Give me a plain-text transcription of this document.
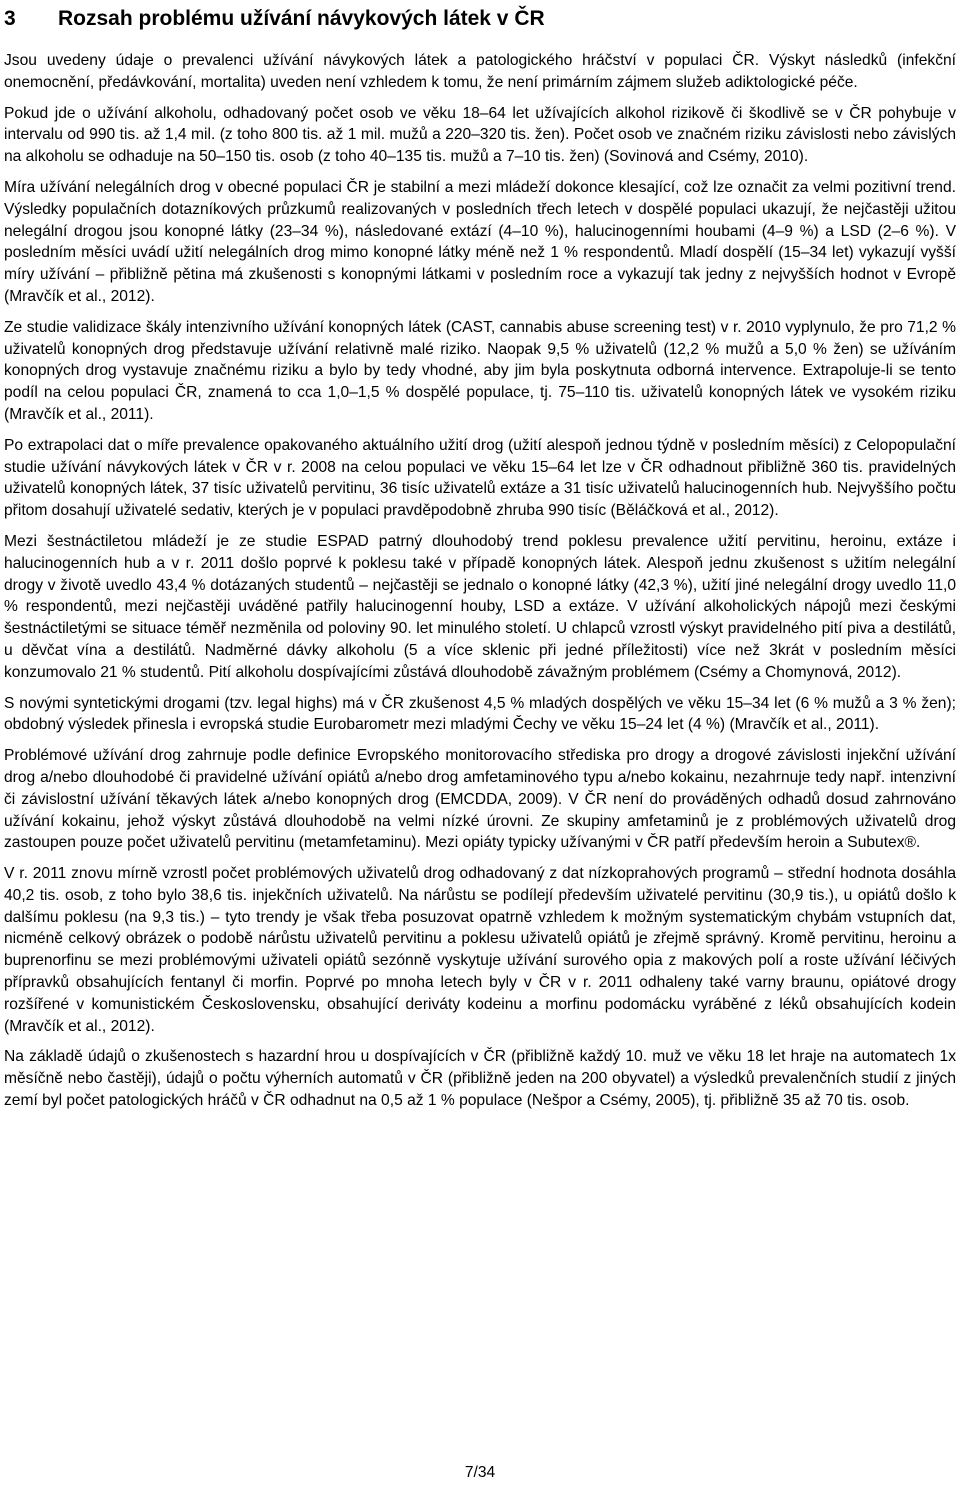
3	Rozsah problému užívání návykových látek v ČR

Jsou uvedeny údaje o prevalenci užívání návykových látek a patologického hráčství v populaci ČR. Výskyt následků (infekční onemocnění, předávkování, mortalita) uveden není vzhledem k tomu, že není primárním zájmem služeb adiktologické péče.

Pokud jde o užívání alkoholu, odhadovaný počet osob ve věku 18–64 let užívajících alkohol rizikově či škodlivě se v ČR pohybuje v intervalu od 990 tis. až 1,4 mil. (z toho 800 tis. až 1 mil. mužů a 220–320 tis. žen). Počet osob ve značném riziku závislosti nebo závislých na alkoholu se odhaduje na 50–150 tis. osob (z toho 40–135 tis. mužů a 7–10 tis. žen) (Sovinová and Csémy, 2010).

Míra užívání nelegálních drog v obecné populaci ČR je stabilní a mezi mládeží dokonce klesající, což lze označit za velmi pozitivní trend. Výsledky populačních dotazníkových průzkumů realizovaných v posledních třech letech v dospělé populaci ukazují, že nejčastěji užitou nelegální drogou jsou konopné látky (23–34 %), následované extází (4–10 %), halucinogenními houbami (4–9 %) a LSD (2–6 %). V posledním měsíci uvádí užití nelegálních drog mimo konopné látky méně než 1 % respondentů. Mladí dospělí (15–34 let) vykazují vyšší míry užívání – přibližně pětina má zkušenosti s konopnými látkami v posledním roce a vykazují tak jedny z nejvyšších hodnot v Evropě (Mravčík et al., 2012).

Ze studie validizace škály intenzivního užívání konopných látek (CAST, cannabis abuse screening test) v r. 2010 vyplynulo, že pro 71,2 % uživatelů konopných drog představuje užívání relativně malé riziko. Naopak 9,5 % uživatelů (12,2 % mužů a 5,0 % žen) se užíváním konopných drog vystavuje značnému riziku a bylo by tedy vhodné, aby jim byla poskytnuta odborná intervence. Extrapoluje-li se tento podíl na celou populaci ČR, znamená to cca 1,0–1,5 % dospělé populace, tj. 75–110 tis. uživatelů konopných látek ve vysokém riziku (Mravčík et al., 2011).

Po extrapolaci dat o míře prevalence opakovaného aktuálního užití drog (užití alespoň jednou týdně v posledním měsíci) z Celopopulační studie užívání návykových látek v ČR v r. 2008 na celou populaci ve věku 15–64 let lze v ČR odhadnout přibližně 360 tis. pravidelných uživatelů konopných látek, 37 tisíc uživatelů pervitinu, 36 tisíc uživatelů extáze a 31 tisíc uživatelů halucinogenních hub. Nejvyššího počtu přitom dosahují uživatelé sedativ, kterých je v populaci pravděpodobně zhruba 990 tisíc (Běláčková et al., 2012).

Mezi šestnáctiletou mládeží je ze studie ESPAD patrný dlouhodobý trend poklesu prevalence užití pervitinu, heroinu, extáze i halucinogenních hub a v r. 2011 došlo poprvé k poklesu také v případě konopných látek. Alespoň jednu zkušenost s užitím nelegální drogy v životě uvedlo 43,4 % dotázaných studentů – nejčastěji se jednalo o konopné látky (42,3 %), užití jiné nelegální drogy uvedlo 11,0 % respondentů, mezi nejčastěji uváděné patřily halucinogenní houby, LSD a extáze. V užívání alkoholických nápojů mezi českými šestnáctiletými se situace téměř nezměnila od poloviny 90. let minulého století. U chlapců vzrostl výskyt pravidelného pití piva a destilátů, u děvčat vína a destilátů. Nadměrné dávky alkoholu (5 a více sklenic při jedné příležitosti) více než 3krát v posledním měsíci konzumovalo 21 % studentů. Pití alkoholu dospívajícími zůstává dlouhodobě závažným problémem (Csémy a Chomynová, 2012).

S novými syntetickými drogami (tzv. legal highs) má v ČR zkušenost 4,5 % mladých dospělých ve věku 15–34 let (6 % mužů a 3 % žen); obdobný výsledek přinesla i evropská studie Eurobarometr mezi mladými Čechy ve věku 15–24 let (4 %) (Mravčík et al., 2011).

Problémové užívání drog zahrnuje podle definice Evropského monitorovacího střediska pro drogy a drogové závislosti injekční užívání drog a/nebo dlouhodobé či pravidelné užívání opiátů a/nebo drog amfetaminového typu a/nebo kokainu, nezahrnuje tedy např. intenzivní či závislostní užívání těkavých látek a/nebo konopných drog (EMCDDA, 2009). V ČR není do prováděných odhadů dosud zahrnováno užívání kokainu, jehož výskyt zůstává dlouhodobě na velmi nízké úrovni. Ze skupiny amfetaminů je z problémových uživatelů drog zastoupen pouze počet uživatelů pervitinu (metamfetaminu). Mezi opiáty typicky užívanými v ČR patří především heroin a Subutex®.

V r. 2011 znovu mírně vzrostl počet problémových uživatelů drog odhadovaný z dat nízkoprahových programů – střední hodnota dosáhla 40,2 tis. osob, z toho bylo 38,6 tis. injekčních uživatelů. Na nárůstu se podílejí především uživatelé pervitinu (30,9 tis.), u opiátů došlo k dalšímu poklesu (na 9,3 tis.) – tyto trendy je však třeba posuzovat opatrně vzhledem k možným systematickým chybám vstupních dat, nicméně celkový obrázek o podobě nárůstu uživatelů pervitinu a poklesu uživatelů opiátů je zřejmě správný. Kromě pervitinu, heroinu a buprenorfinu se mezi problémovými uživateli opiátů sezónně vyskytuje užívání surového opia z makových polí a roste užívání léčivých přípravků obsahujících fentanyl či morfin. Poprvé po mnoha letech byly v ČR v r. 2011 odhaleny také varny braunu, opiátové drogy rozšířené v komunistickém Československu, obsahující deriváty kodeinu a morfinu podomácku vyráběné z léků obsahujících kodein (Mravčík et al., 2012).

Na základě údajů o zkušenostech s hazardní hrou u dospívajících v ČR (přibližně každý 10. muž ve věku 18 let hraje na automatech 1x měsíčně nebo častěji), údajů o počtu výherních automatů v ČR (přibližně jeden na 200 obyvatel) a výsledků prevalenčních studií z jiných zemí byl počet patologických hráčů v ČR odhadnut na 0,5 až 1 % populace (Nešpor a Csémy, 2005), tj. přibližně 35 až 70 tis. osob.

7/34
